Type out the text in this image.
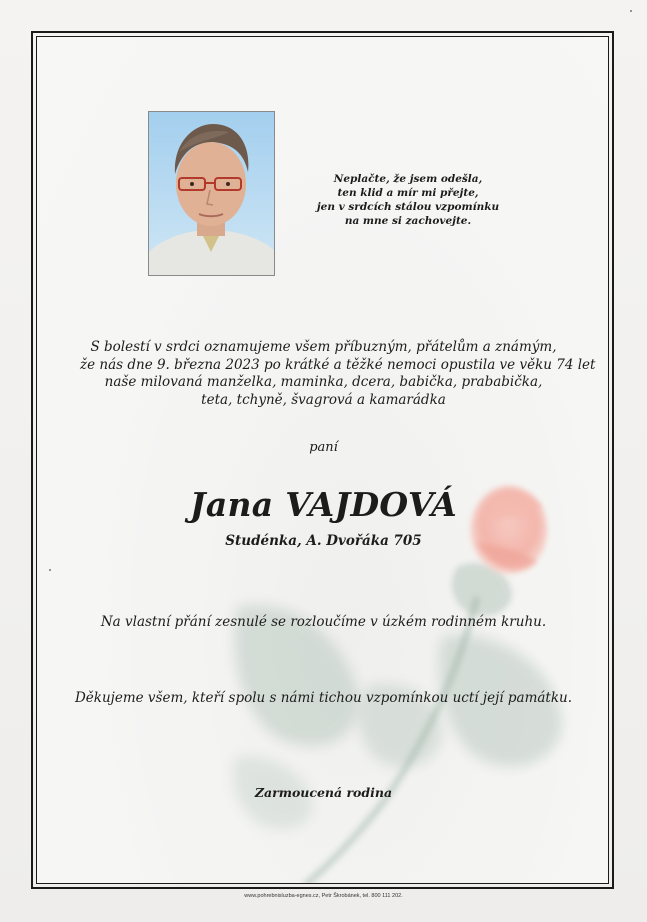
Neplačte, že jsem odešla,
ten klid a mír mi přejte,
jen v srdcích stálou vzpomínku
na mne si zachovejte.
S bolestí v srdci oznamujeme všem příbuzným, přátelům a známým,
že nás dne 9. března 2023 po krátké a těžké nemoci opustila ve věku 74 let
naše milovaná manželka, maminka, dcera, babička, prababička,
teta, tchyně, švagrová a kamarádka
paní
Jana VAJDOVÁ
Studénka, A. Dvořáka 705
Na vlastní přání zesnulé se rozloučíme v úzkém rodinném kruhu.
Děkujeme všem, kteří spolu s námi tichou vzpomínkou uctí její památku.
Zarmoucená rodina
www.pohrebnisluzba-egnes.cz, Petr Škrobánek, tel. 800 111 202.
